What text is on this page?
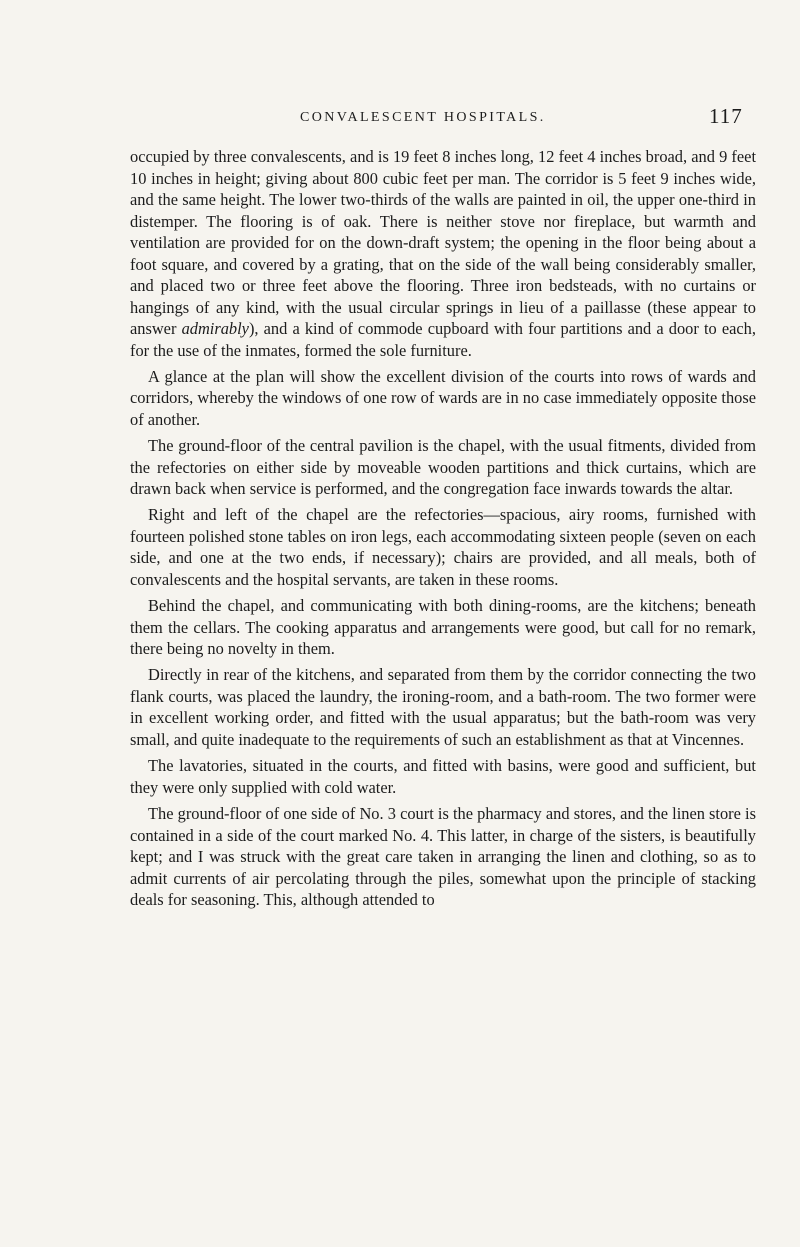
CONVALESCENT HOSPITALS.	117

occupied by three convalescents, and is 19 feet 8 inches long, 12 feet 4 inches broad, and 9 feet 10 inches in height; giving about 800 cubic feet per man. The corridor is 5 feet 9 inches wide, and the same height. The lower two-thirds of the walls are painted in oil, the upper one-third in distemper. The flooring is of oak. There is neither stove nor fireplace, but warmth and ventilation are provided for on the down-draft system; the opening in the floor being about a foot square, and covered by a grating, that on the side of the wall being considerably smaller, and placed two or three feet above the flooring. Three iron bedsteads, with no curtains or hangings of any kind, with the usual circular springs in lieu of a paillasse (these appear to answer admirably), and a kind of commode cupboard with four partitions and a door to each, for the use of the inmates, formed the sole furniture.

A glance at the plan will show the excellent division of the courts into rows of wards and corridors, whereby the windows of one row of wards are in no case immediately opposite those of another.

The ground-floor of the central pavilion is the chapel, with the usual fitments, divided from the refectories on either side by moveable wooden partitions and thick curtains, which are drawn back when service is performed, and the congregation face inwards towards the altar.

Right and left of the chapel are the refectories—spacious, airy rooms, furnished with fourteen polished stone tables on iron legs, each accommodating sixteen people (seven on each side, and one at the two ends, if necessary); chairs are provided, and all meals, both of convalescents and the hospital servants, are taken in these rooms.

Behind the chapel, and communicating with both dining-rooms, are the kitchens; beneath them the cellars. The cooking apparatus and arrangements were good, but call for no remark, there being no novelty in them.

Directly in rear of the kitchens, and separated from them by the corridor connecting the two flank courts, was placed the laundry, the ironing-room, and a bath-room. The two former were in excellent working order, and fitted with the usual apparatus; but the bath-room was very small, and quite inadequate to the requirements of such an establishment as that at Vincennes.

The lavatories, situated in the courts, and fitted with basins, were good and sufficient, but they were only supplied with cold water.

The ground-floor of one side of No. 3 court is the pharmacy and stores, and the linen store is contained in a side of the court marked No. 4. This latter, in charge of the sisters, is beautifully kept; and I was struck with the great care taken in arranging the linen and clothing, so as to admit currents of air percolating through the piles, somewhat upon the principle of stacking deals for seasoning. This, although attended to
